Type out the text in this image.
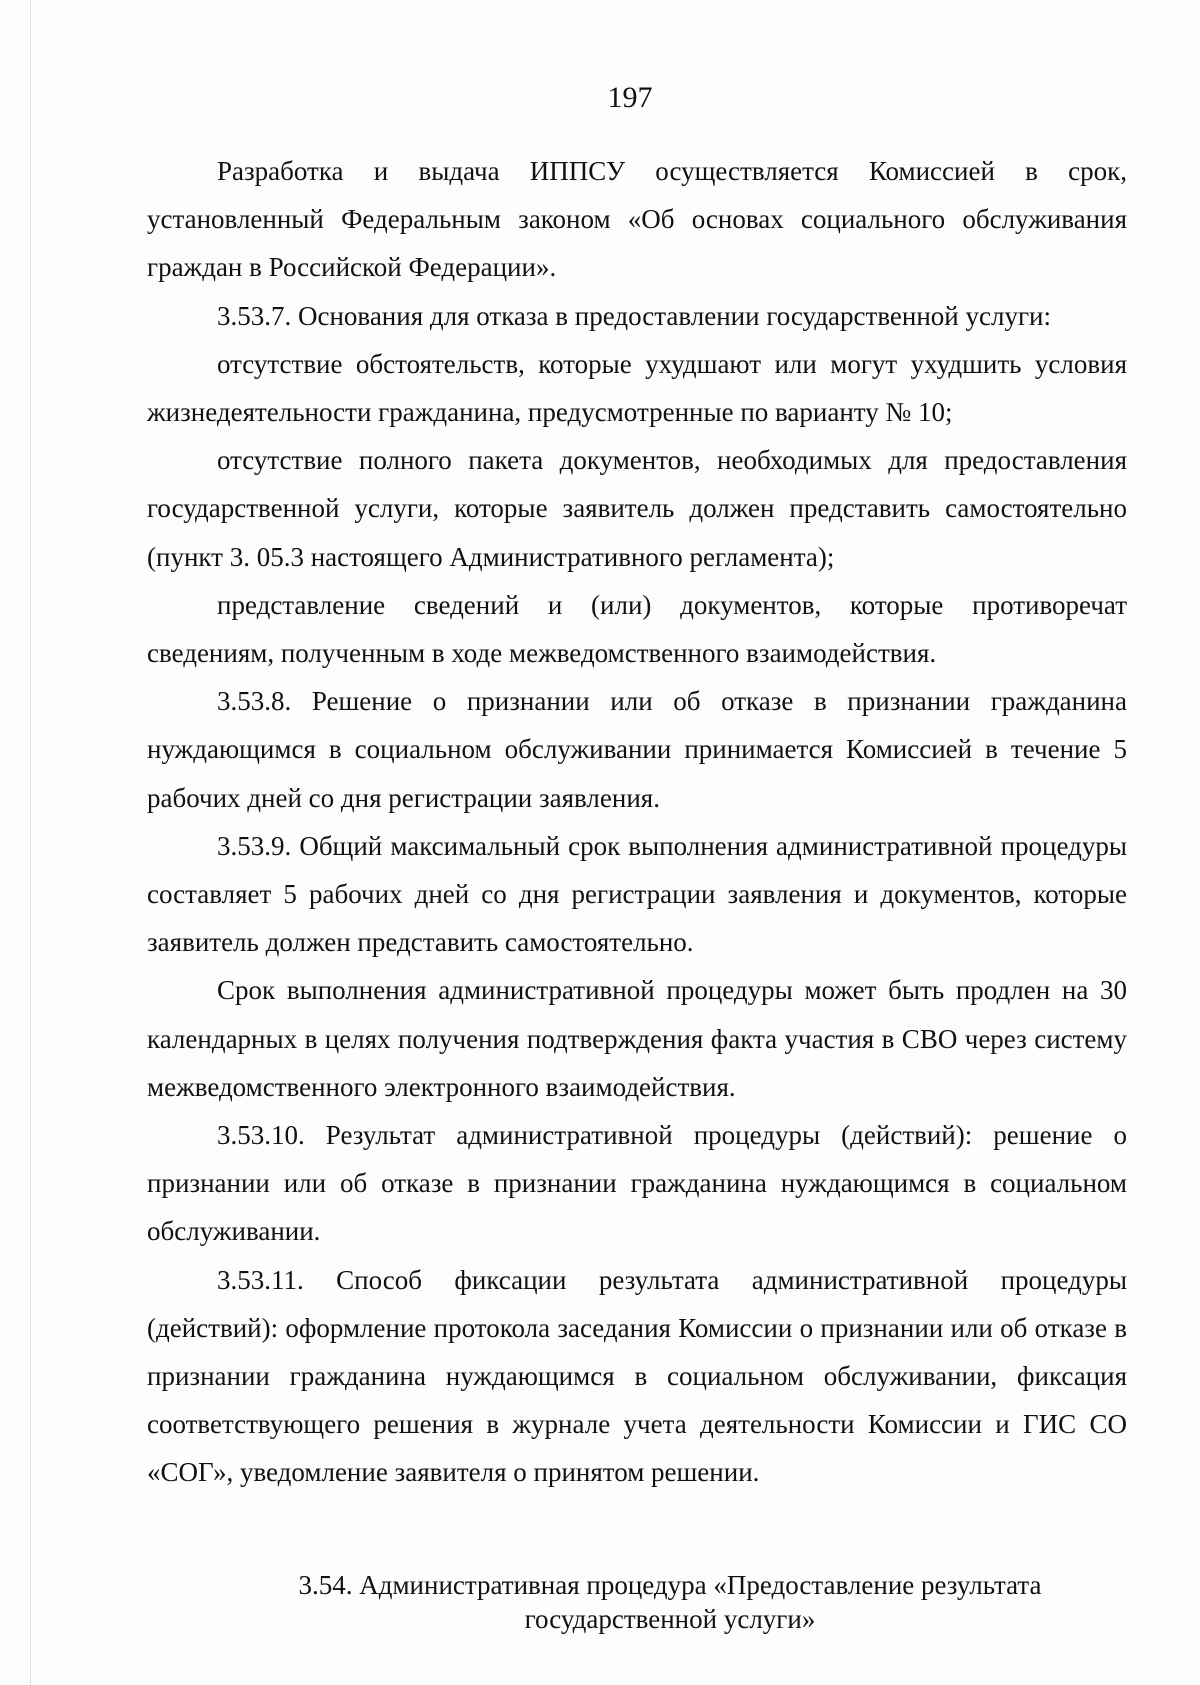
197

Разработка и выдача ИППСУ осуществляется Комиссией в срок, установленный Федеральным законом «Об основах социального обслуживания граждан в Российской Федерации».

3.53.7. Основания для отказа в предоставлении государственной услуги:

отсутствие обстоятельств, которые ухудшают или могут ухудшить условия жизнедеятельности гражданина, предусмотренные по варианту № 10;

отсутствие полного пакета документов, необходимых для предоставления государственной услуги, которые заявитель должен представить самостоятельно (пункт 3. 05.3 настоящего Административного регламента);

представление сведений и (или) документов, которые противоречат сведениям, полученным в ходе межведомственного взаимодействия.

3.53.8. Решение о признании или об отказе в признании гражданина нуждающимся в социальном обслуживании принимается Комиссией в течение 5 рабочих дней со дня регистрации заявления.

3.53.9. Общий максимальный срок выполнения административной процедуры составляет 5 рабочих дней со дня регистрации заявления и документов, которые заявитель должен представить самостоятельно.

Срок выполнения административной процедуры может быть продлен на 30 календарных в целях получения подтверждения факта участия в СВО через систему межведомственного электронного взаимодействия.

3.53.10. Результат административной процедуры (действий): решение о признании или об отказе в признании гражданина нуждающимся в социальном обслуживании.

3.53.11. Способ фиксации результата административной процедуры (действий): оформление протокола заседания Комиссии о признании или об отказе в признании гражданина нуждающимся в социальном обслуживании, фиксация соответствующего решения в журнале учета деятельности Комиссии и ГИС СО «СОГ», уведомление заявителя о принятом решении.

3.54. Административная процедура «Предоставление результата
государственной услуги»
